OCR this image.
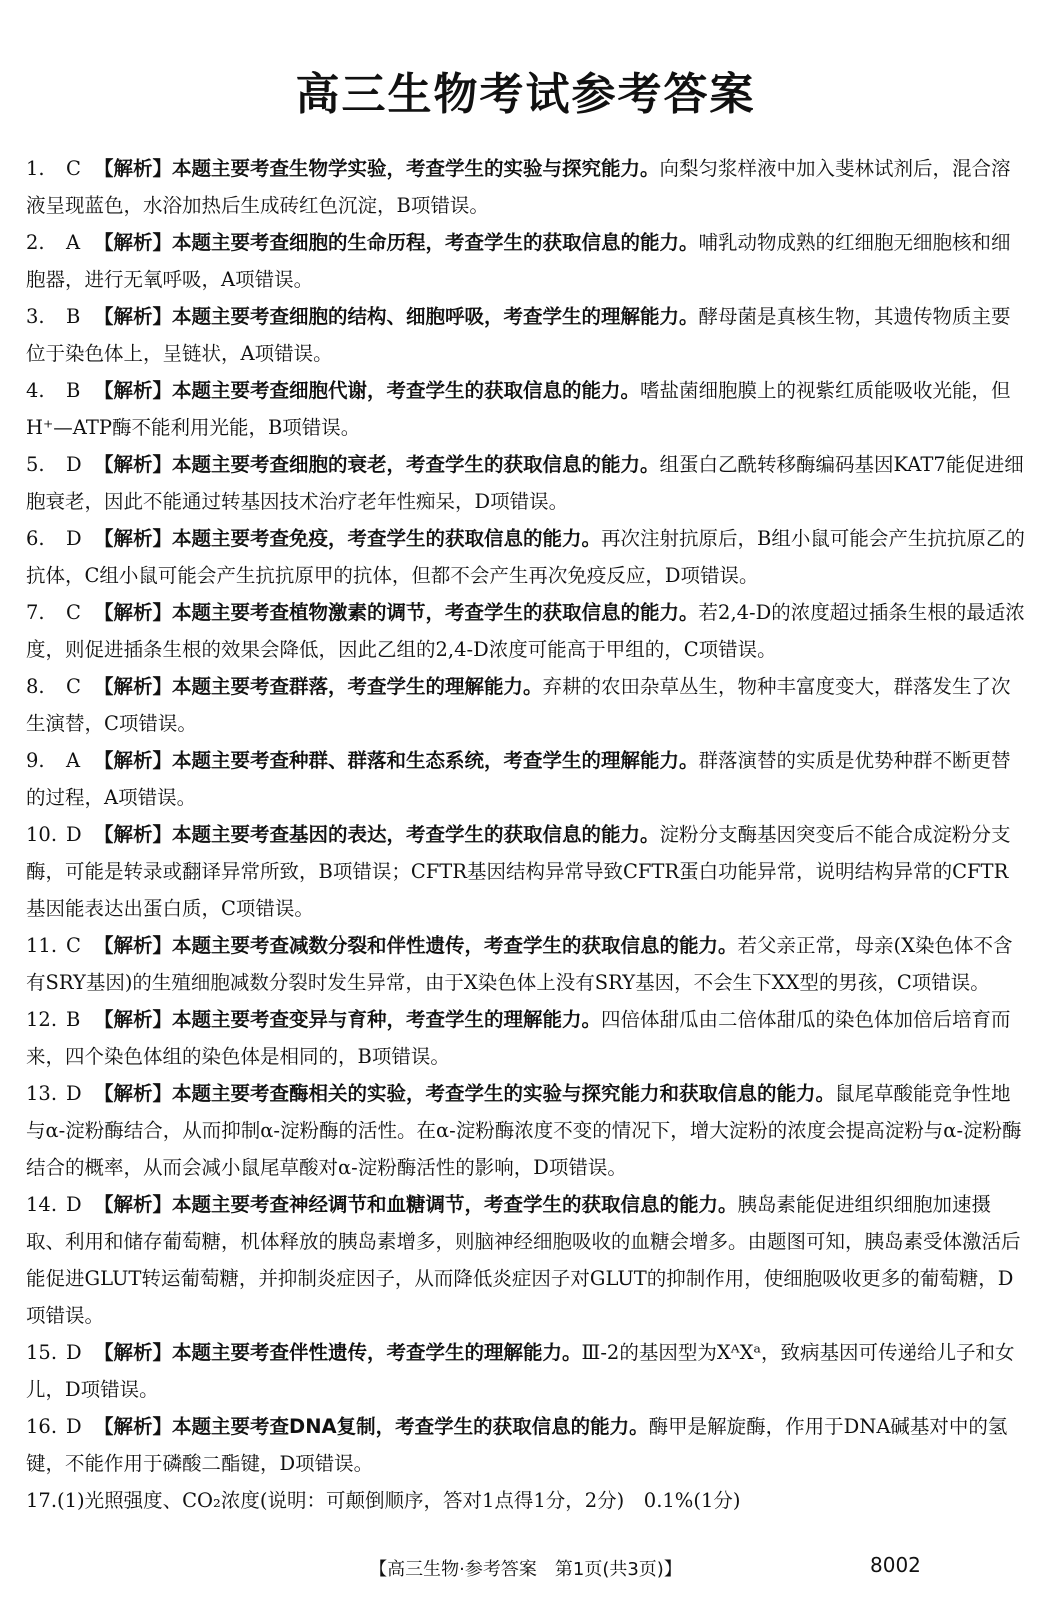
高三生物考试参考答案

1. C 【解析】本题主要考查生物学实验，考查学生的实验与探究能力。向梨匀浆样液中加入斐林试剂后，混合溶液呈现蓝色，水浴加热后生成砖红色沉淀，B项错误。

2. A 【解析】本题主要考查细胞的生命历程，考查学生的获取信息的能力。哺乳动物成熟的红细胞无细胞核和细胞器，进行无氧呼吸，A项错误。

3. B 【解析】本题主要考查细胞的结构、细胞呼吸，考查学生的理解能力。酵母菌是真核生物，其遗传物质主要位于染色体上，呈链状，A项错误。

4. B 【解析】本题主要考查细胞代谢，考查学生的获取信息的能力。嗜盐菌细胞膜上的视紫红质能吸收光能，但H⁺—ATP酶不能利用光能，B项错误。

5. D 【解析】本题主要考查细胞的衰老，考查学生的获取信息的能力。组蛋白乙酰转移酶编码基因KAT7能促进细胞衰老，因此不能通过转基因技术治疗老年性痴呆，D项错误。

6. D 【解析】本题主要考查免疫，考查学生的获取信息的能力。再次注射抗原后，B组小鼠可能会产生抗抗原乙的抗体，C组小鼠可能会产生抗抗原甲的抗体，但都不会产生再次免疫反应，D项错误。

7. C 【解析】本题主要考查植物激素的调节，考查学生的获取信息的能力。若2,4-D的浓度超过插条生根的最适浓度，则促进插条生根的效果会降低，因此乙组的2,4-D浓度可能高于甲组的，C项错误。

8. C 【解析】本题主要考查群落，考查学生的理解能力。弃耕的农田杂草丛生，物种丰富度变大，群落发生了次生演替，C项错误。

9. A 【解析】本题主要考查种群、群落和生态系统，考查学生的理解能力。群落演替的实质是优势种群不断更替的过程，A项错误。

10. D 【解析】本题主要考查基因的表达，考查学生的获取信息的能力。淀粉分支酶基因突变后不能合成淀粉分支酶，可能是转录或翻译异常所致，B项错误；CFTR基因结构异常导致CFTR蛋白功能异常，说明结构异常的CFTR基因能表达出蛋白质，C项错误。

11. C 【解析】本题主要考查减数分裂和伴性遗传，考查学生的获取信息的能力。若父亲正常，母亲(X染色体不含有SRY基因)的生殖细胞减数分裂时发生异常，由于X染色体上没有SRY基因，不会生下XX型的男孩，C项错误。

12. B 【解析】本题主要考查变异与育种，考查学生的理解能力。四倍体甜瓜由二倍体甜瓜的染色体加倍后培育而来，四个染色体组的染色体是相同的，B项错误。

13. D 【解析】本题主要考查酶相关的实验，考查学生的实验与探究能力和获取信息的能力。鼠尾草酸能竞争性地与α-淀粉酶结合，从而抑制α-淀粉酶的活性。在α-淀粉酶浓度不变的情况下，增大淀粉的浓度会提高淀粉与α-淀粉酶结合的概率，从而会减小鼠尾草酸对α-淀粉酶活性的影响，D项错误。

14. D 【解析】本题主要考查神经调节和血糖调节，考查学生的获取信息的能力。胰岛素能促进组织细胞加速摄取、利用和储存葡萄糖，机体释放的胰岛素增多，则脑神经细胞吸收的血糖会增多。由题图可知，胰岛素受体激活后能促进GLUT转运葡萄糖，并抑制炎症因子，从而降低炎症因子对GLUT的抑制作用，使细胞吸收更多的葡萄糖，D项错误。

15. D 【解析】本题主要考查伴性遗传，考查学生的理解能力。Ⅲ-2的基因型为XᴬXᵃ，致病基因可传递给儿子和女儿，D项错误。

16. D 【解析】本题主要考查DNA复制，考查学生的获取信息的能力。酶甲是解旋酶，作用于DNA碱基对中的氢键，不能作用于磷酸二酯键，D项错误。

17.(1)光照强度、CO₂浓度(说明：可颠倒顺序，答对1点得1分，2分)　0.1%(1分)
【高三生物·参考答案　第1页(共3页)】	8002
